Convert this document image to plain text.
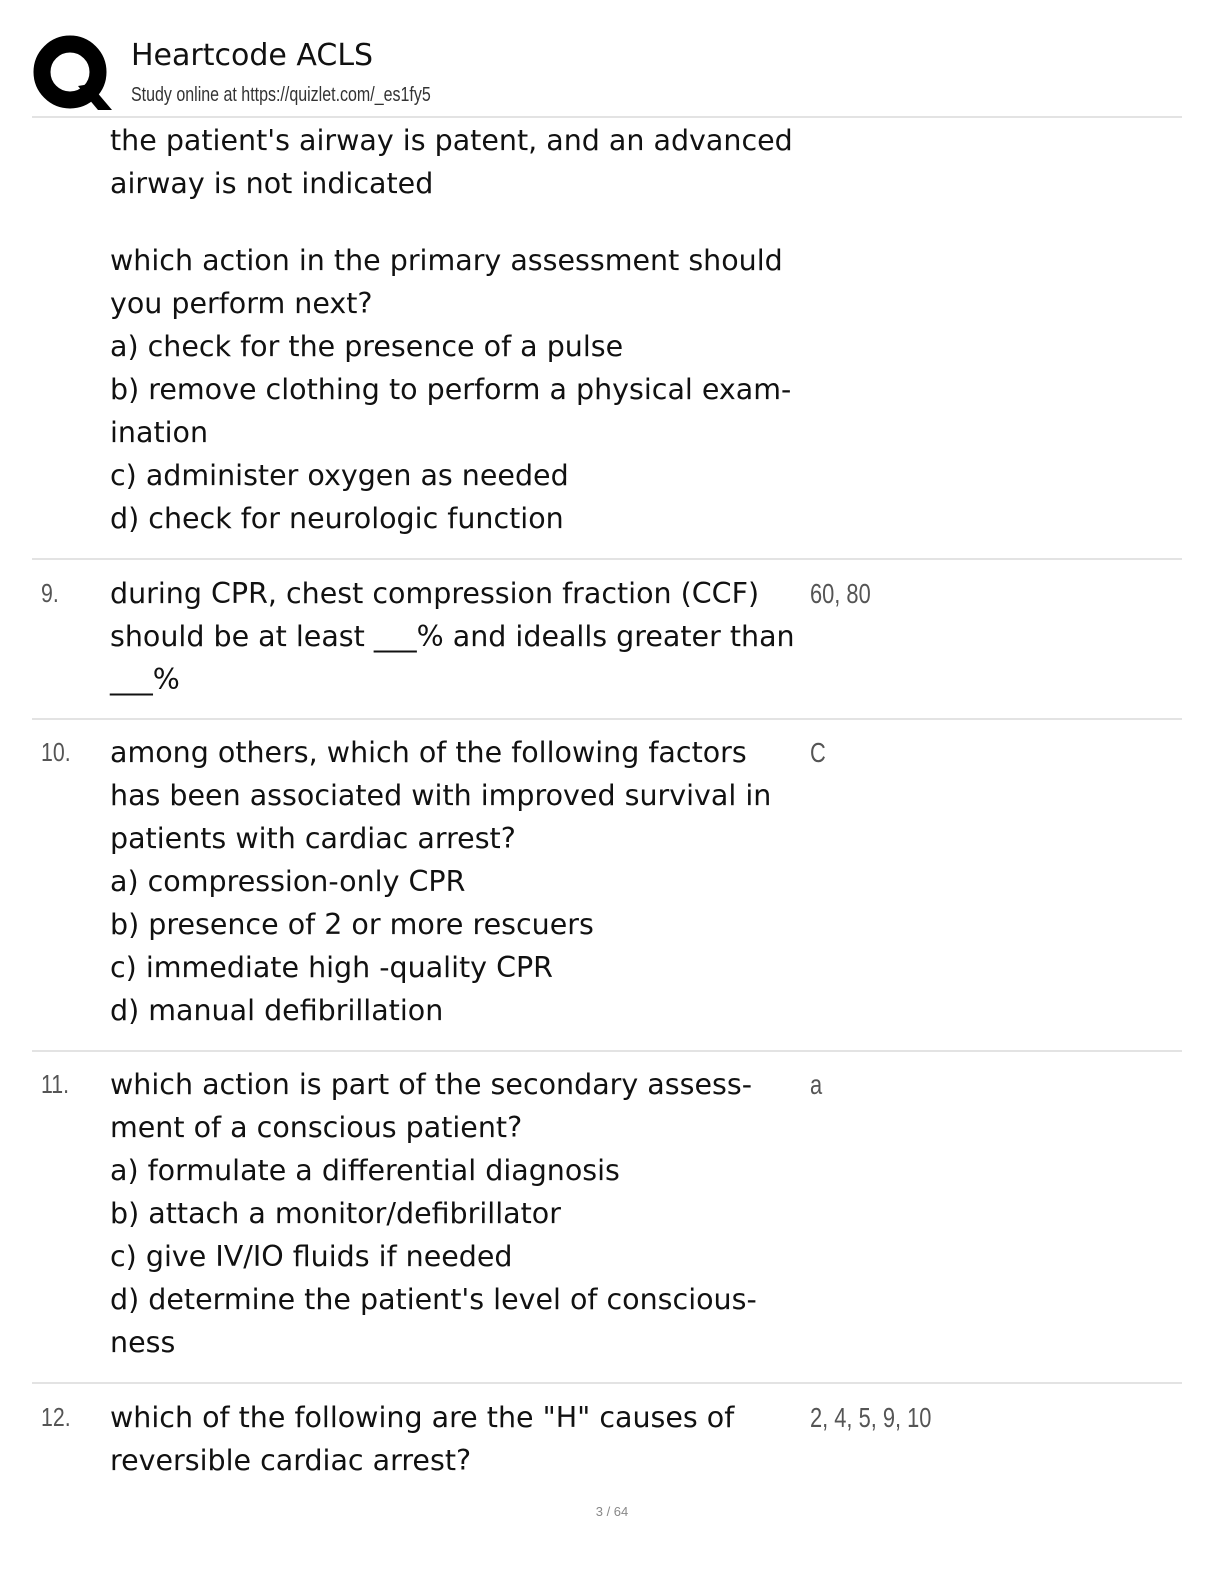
Heartcode ACLS
Study online at https://quizlet.com/_es1fy5
the patient's airway is patent, and an advanced
airway is not indicated
which action in the primary assessment should
you perform next?
a) check for the presence of a pulse
b) remove clothing to perform a physical exam-
ination
c) administer oxygen as needed
d) check for neurologic function
9. during CPR, chest compression fraction (CCF)
should be at least ___% and idealls greater than
___%
60, 80
10. among others, which of the following factors
has been associated with improved survival in
patients with cardiac arrest?
a) compression-only CPR
b) presence of 2 or more rescuers
c) immediate high -quality CPR
d) manual defibrillation
C
11. which action is part of the secondary assess-
ment of a conscious patient?
a) formulate a differential diagnosis
b) attach a monitor/defibrillator
c) give IV/IO fluids if needed
d) determine the patient's level of conscious-
ness
a
12. which of the following are the "H" causes of
reversible cardiac arrest?
2, 4, 5, 9, 10
3 / 64
